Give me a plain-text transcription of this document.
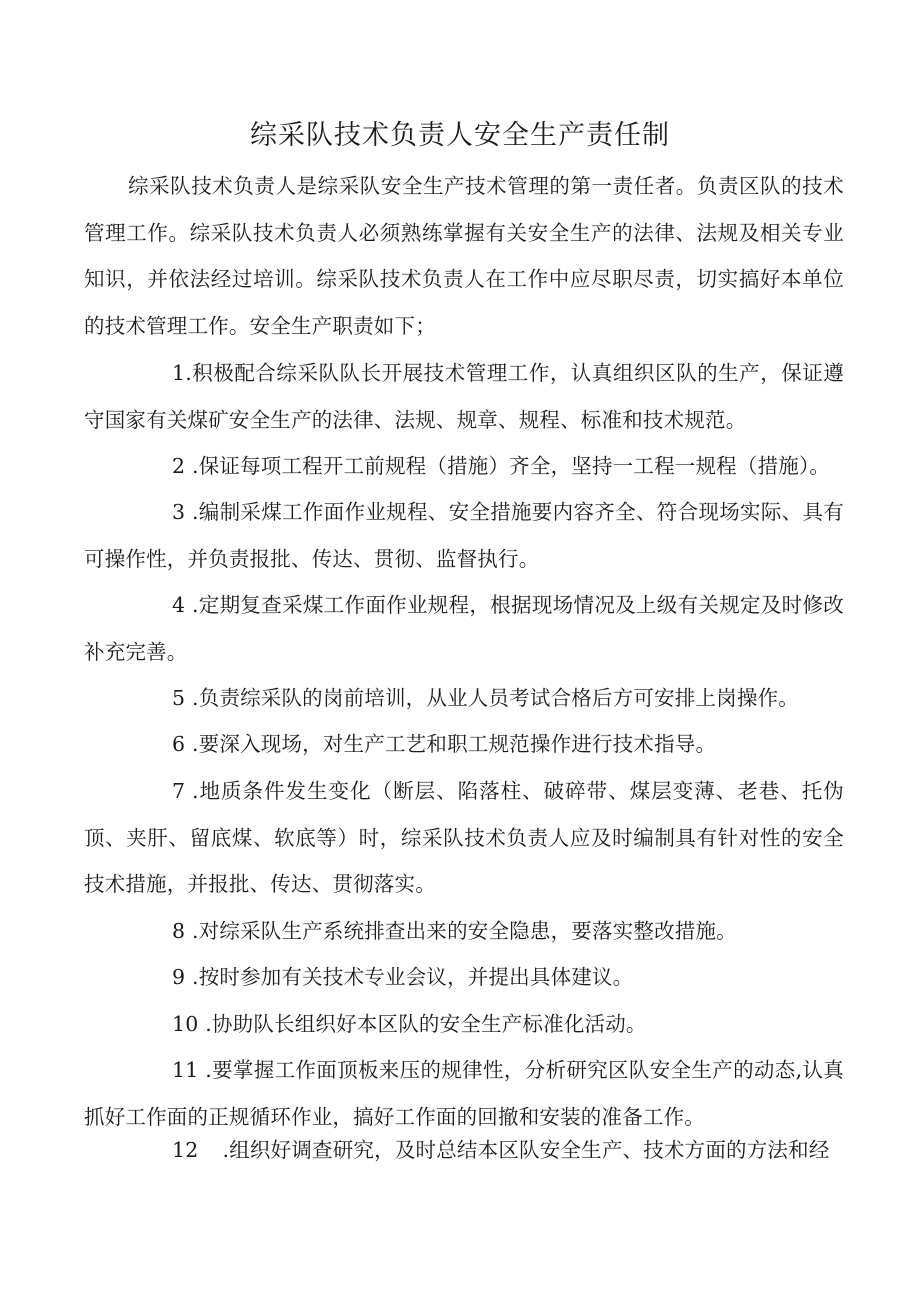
综采队技术负责人安全生产责任制

综采队技术负责人是综采队安全生产技术管理的第一责任者。负责区队的技术管理工作。综采队技术负责人必须熟练掌握有关安全生产的法律、法规及相关专业知识，并依法经过培训。综采队技术负责人在工作中应尽职尽责，切实搞好本单位的技术管理工作。安全生产职责如下；

1.积极配合综采队队长开展技术管理工作，认真组织区队的生产，保证遵守国家有关煤矿安全生产的法律、法规、规章、规程、标准和技术规范。

2 .保证每项工程开工前规程（措施）齐全，坚持一工程一规程（措施）。

3 .编制采煤工作面作业规程、安全措施要内容齐全、符合现场实际、具有可操作性，并负责报批、传达、贯彻、监督执行。

4 .定期复查采煤工作面作业规程，根据现场情况及上级有关规定及时修改补充完善。

5 .负责综采队的岗前培训，从业人员考试合格后方可安排上岗操作。

6 .要深入现场，对生产工艺和职工规范操作进行技术指导。

7 .地质条件发生变化（断层、陷落柱、破碎带、煤层变薄、老巷、托伪顶、夹肝、留底煤、软底等）时，综采队技术负责人应及时编制具有针对性的安全技术措施，并报批、传达、贯彻落实。

8 .对综采队生产系统排查出来的安全隐患，要落实整改措施。

9 .按时参加有关技术专业会议，并提出具体建议。

10 .协助队长组织好本区队的安全生产标准化活动。

11 .要掌握工作面顶板来压的规律性，分析研究区队安全生产的动态,认真抓好工作面的正规循环作业，搞好工作面的回撤和安装的准备工作。

12 .组织好调查研究，及时总结本区队安全生产、技术方面的方法和经
